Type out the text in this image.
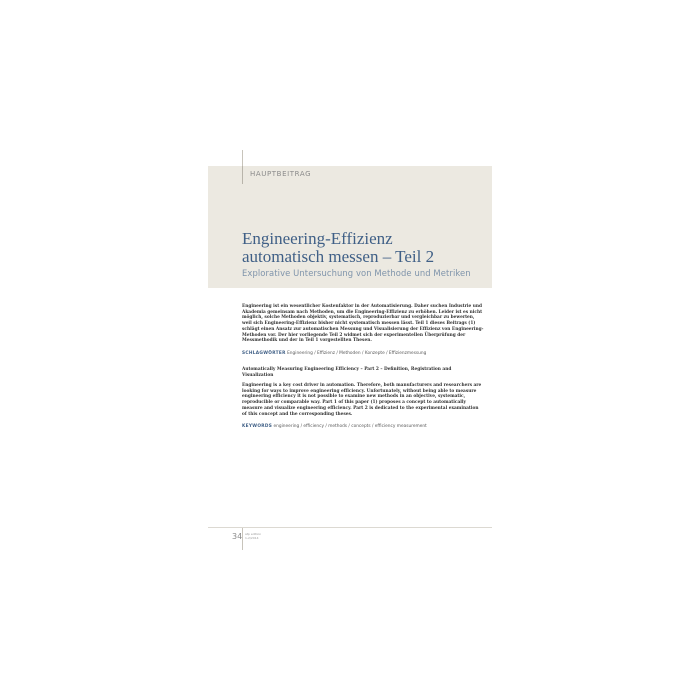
HAUPTBEITRAG
Engineering-Effizienz
automatisch messen – Teil 2
Explorative Untersuchung von Methode und Metriken
Engineering ist ein wesentlicher Kostenfaktor in der Automatisierung. Daher suchen Industrie und Akademia gemeinsam nach Methoden, um die Engineering-Effizienz zu erhöhen. Leider ist es nicht möglich, solche Methoden objektiv, systematisch, reproduzierbar und vergleichbar zu bewerten, weil sich Engineering-Effizienz bisher nicht systematisch messen lässt. Teil 1 dieses Beitrags (1) schlägt einen Ansatz zur automatischen Messung und Visualisierung der Effizienz von Engineering-Methoden vor. Der hier vorliegende Teil 2 widmet sich der experimentellen Überprüfung der Messmethodik und der in Teil 1 vorgestellten Thesen.
SCHLAGWÖRTER Engineering / Effizienz / Methoden / Konzepte / Effizienzmessung
Automatically Measuring Engineering Efficiency – Part 2 – Definition, Registration and Visualization
Engineering is a key cost driver in automation. Therefore, both manufacturers and researchers are looking for ways to improve engineering efficiency. Unfortunately, without being able to measure engineering efficiency it is not possible to examine new methods in an objective, systematic, reproducible or comparable way. Part 1 of this paper (1) proposes a concept to automatically measure and visualize engineering efficiency. Part 2 is dedicated to the experimental examination of this concept and the corresponding theses.
KEYWORDS engineering / efficiency / methods / concepts / efficiency measurement
34 atp edition
1-2/2014
